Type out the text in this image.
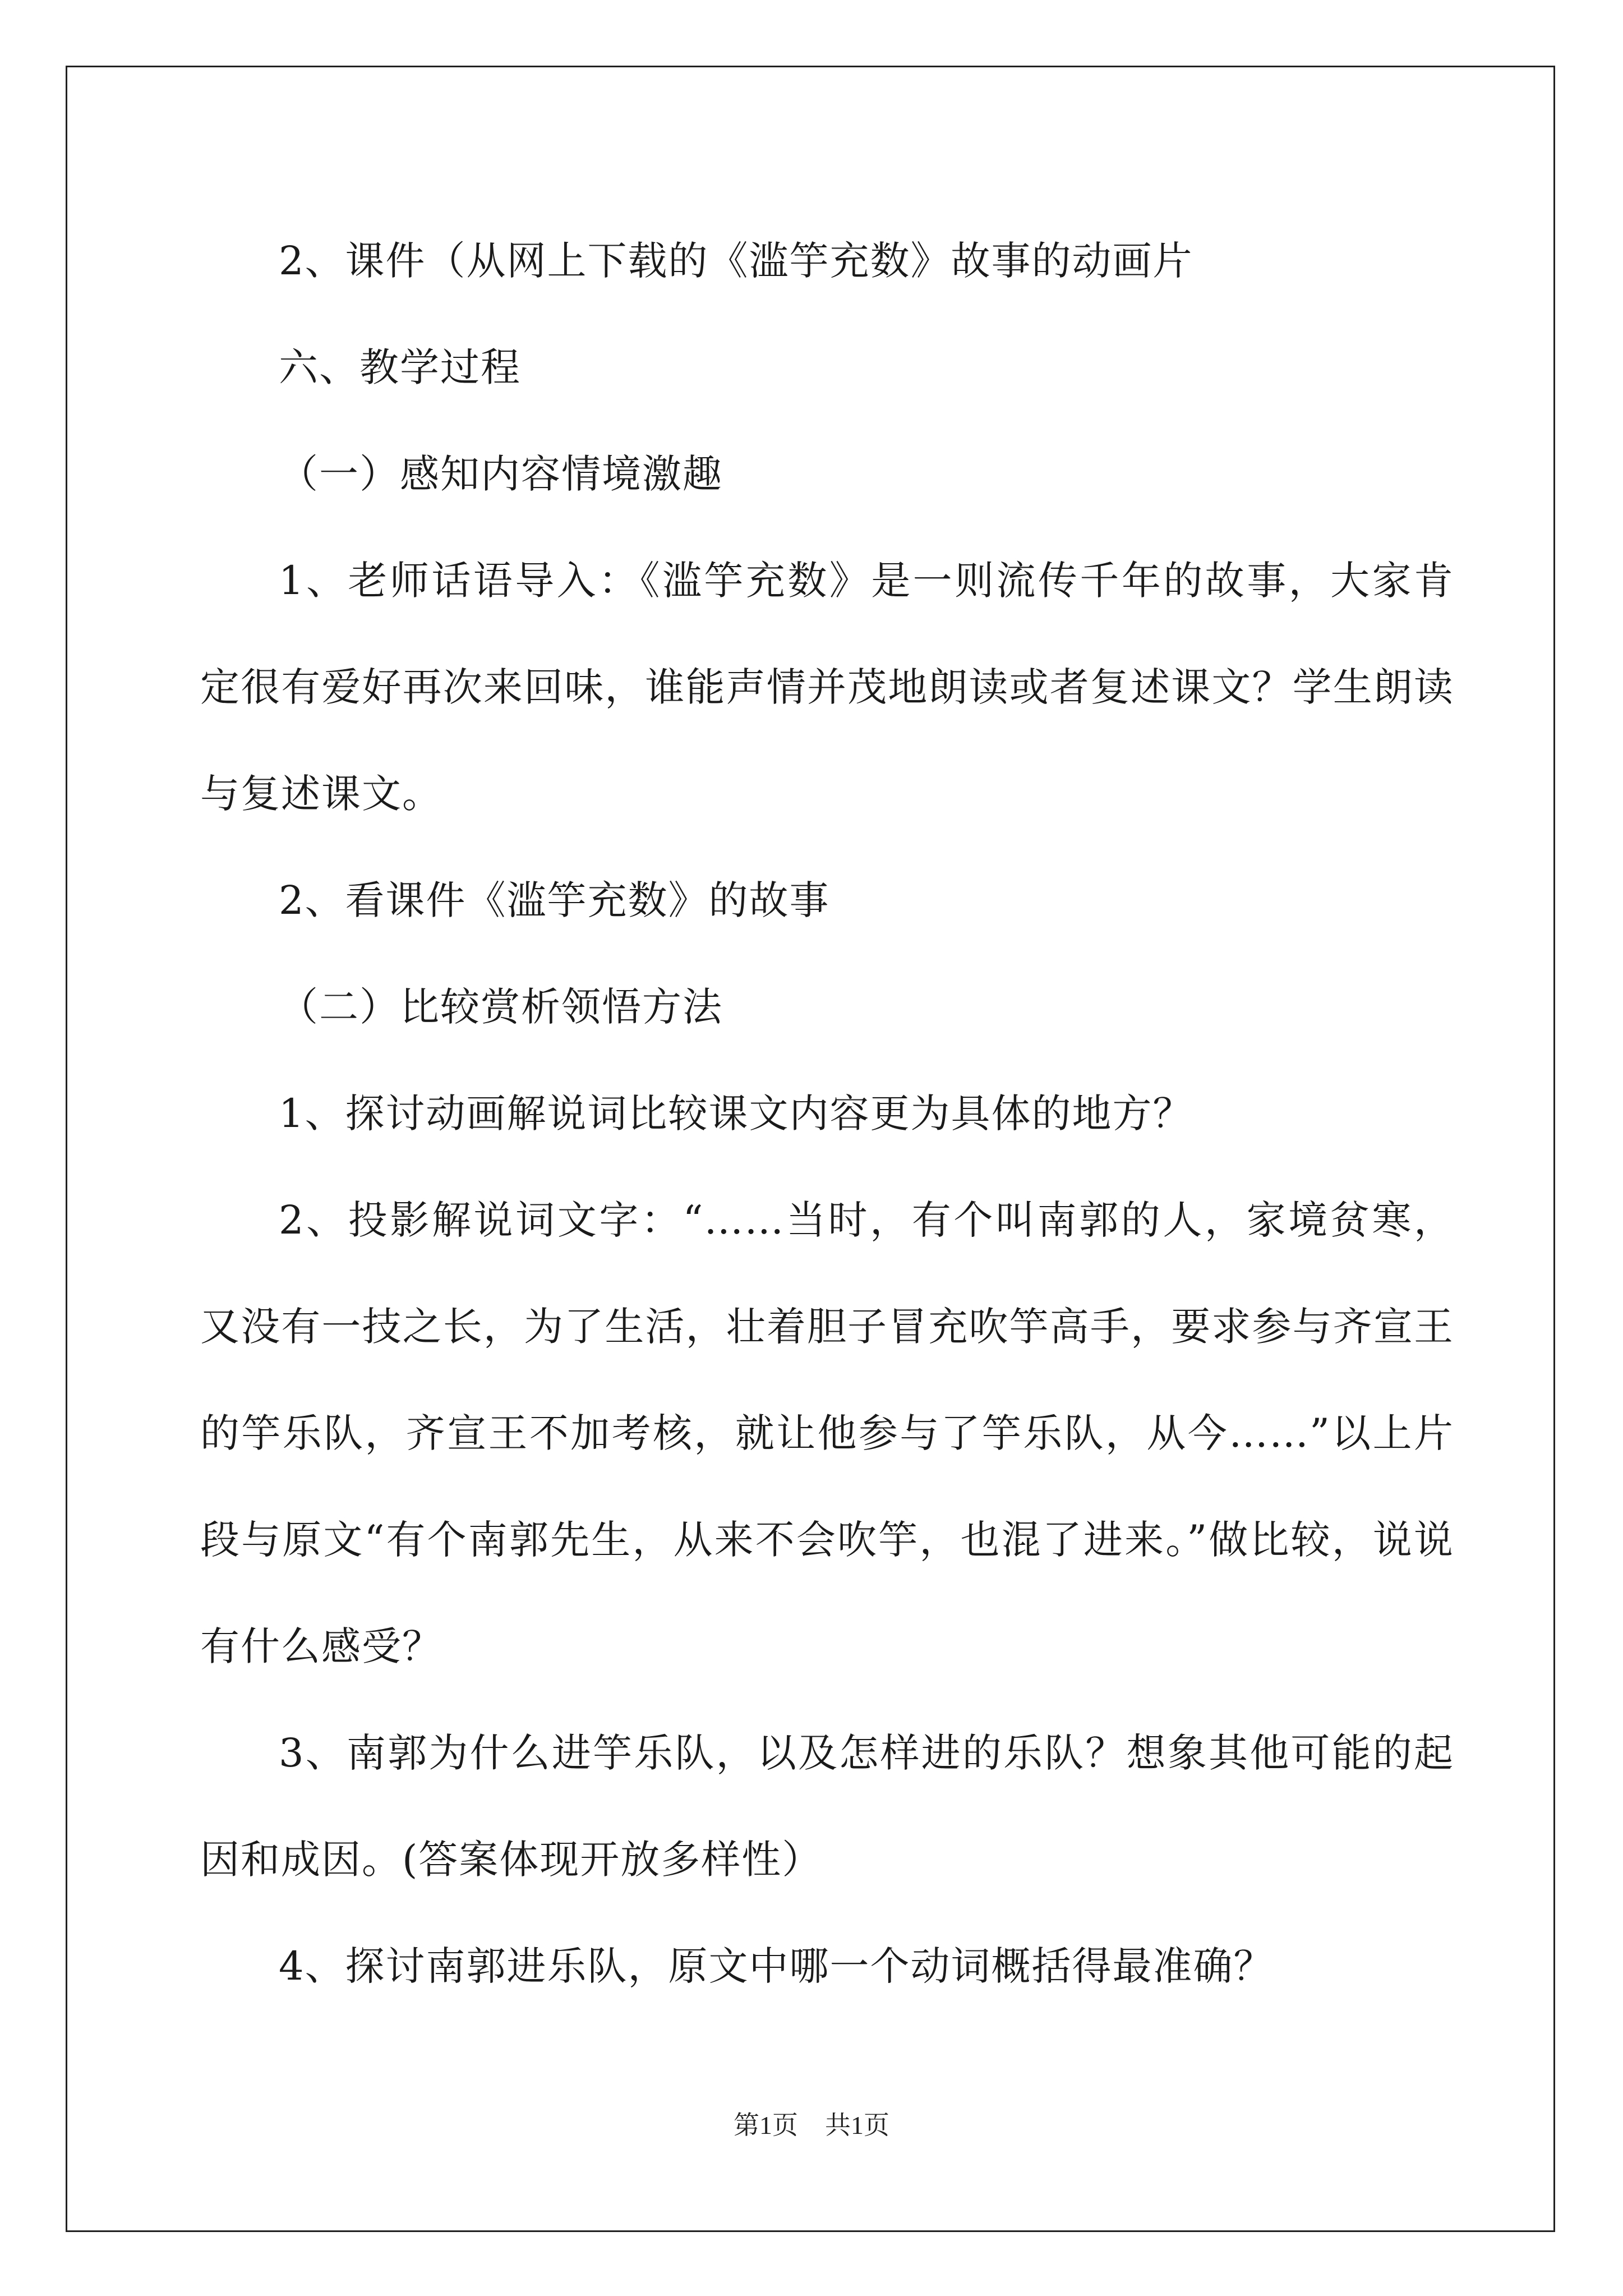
2、课件（从网上下载的《滥竽充数》故事的动画片

六、教学过程

（一）感知内容情境激趣

1、老师话语导入：《滥竽充数》是一则流传千年的故事，大家肯定很有爱好再次来回味，谁能声情并茂地朗读或者复述课文？学生朗读与复述课文。

2、看课件《滥竽充数》的故事

（二）比较赏析领悟方法

1、探讨动画解说词比较课文内容更为具体的地方？

2、投影解说词文字：“……当时，有个叫南郭的人，家境贫寒，又没有一技之长，为了生活，壮着胆子冒充吹竽高手，要求参与齐宣王的竽乐队，齐宣王不加考核，就让他参与了竽乐队，从今……”以上片段与原文“有个南郭先生，从来不会吹竽，也混了进来。”做比较，说说有什么感受？

3、南郭为什么进竽乐队，以及怎样进的乐队？想象其他可能的起因和成因。(答案体现开放多样性）

4、探讨南郭进乐队，原文中哪一个动词概括得最准确？

第1页 共1页
